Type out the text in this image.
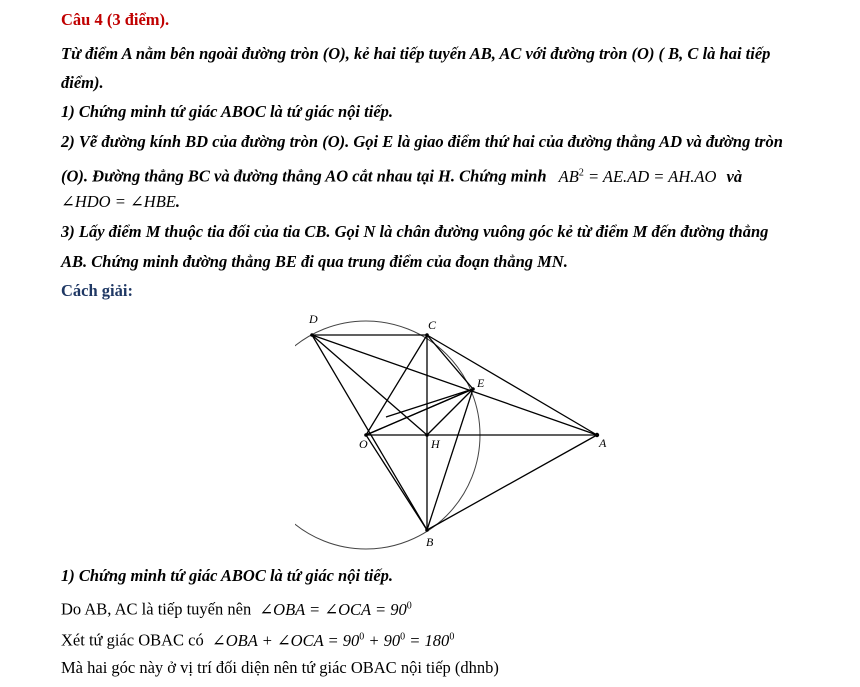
Câu 4 (3 điểm).
Từ điểm A nằm bên ngoài đường tròn (O), kẻ hai tiếp tuyến AB, AC với đường tròn (O) ( B, C là hai tiếp
điểm).
1) Chứng minh tứ giác ABOC là tứ giác nội tiếp.
2) Vẽ đường kính BD của đường tròn (O). Gọi E là giao điểm thứ hai của đường thẳng AD và đường tròn
(O). Đường thẳng BC và đường thẳng AO cắt nhau tại H. Chứng minh $AB^2 = AE.AD = AH.AO$ và
∠HDO = ∠HBE.
3) Lấy điểm M thuộc tia đối của tia CB. Gọi N là chân đường vuông góc kẻ từ điểm M đến đường thẳng
AB. Chứng minh đường thẳng BE đi qua trung điểm của đoạn thẳng MN.
Cách giải:
D	C
E
O	H	A
B
1) Chứng minh tứ giác ABOC là tứ giác nội tiếp.
Do AB, AC là tiếp tuyến nên ∠OBA = ∠OCA = $90^0$
Xét tứ giác OBAC có ∠OBA + ∠OCA = $90^0 + 90^0 = 180^0$
Mà hai góc này ở vị trí đối diện nên tứ giác OBAC nội tiếp (dhnb)
